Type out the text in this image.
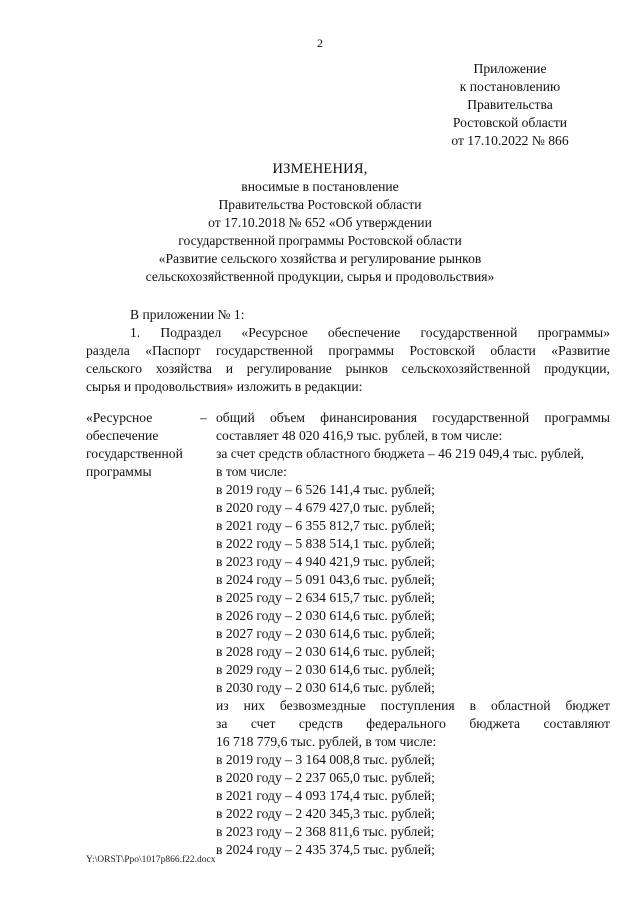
2
Приложение
к постановлению
Правительства
Ростовской области
от 17.10.2022 № 866
ИЗМЕНЕНИЯ,
вносимые в постановление
Правительства Ростовской области
от 17.10.2018 № 652 «Об утверждении
государственной программы Ростовской области
«Развитие сельского хозяйства и регулирование рынков
сельскохозяйственной продукции, сырья и продовольствия»
В приложении № 1:
1. Подраздел «Ресурсное обеспечение государственной программы»
раздела «Паспорт государственной программы Ростовской области «Развитие
сельского хозяйства и регулирование рынков сельскохозяйственной продукции,
сырья и продовольствия» изложить в редакции:
«Ресурсное
обеспечение
государственной
программы
– общий объем финансирования государственной программы
составляет 48 020 416,9 тыс. рублей, в том числе:
за счет средств областного бюджета – 46 219 049,4 тыс. рублей,
в том числе:
в 2019 году – 6 526 141,4 тыс. рублей;
в 2020 году – 4 679 427,0 тыс. рублей;
в 2021 году – 6 355 812,7 тыс. рублей;
в 2022 году – 5 838 514,1 тыс. рублей;
в 2023 году – 4 940 421,9 тыс. рублей;
в 2024 году – 5 091 043,6 тыс. рублей;
в 2025 году – 2 634 615,7 тыс. рублей;
в 2026 году – 2 030 614,6 тыс. рублей;
в 2027 году – 2 030 614,6 тыс. рублей;
в 2028 году – 2 030 614,6 тыс. рублей;
в 2029 году – 2 030 614,6 тыс. рублей;
в 2030 году – 2 030 614,6 тыс. рублей;
из них безвозмездные поступления в областной бюджет
за счет средств федерального бюджета составляют
16 718 779,6 тыс. рублей, в том числе:
в 2019 году – 3 164 008,8 тыс. рублей;
в 2020 году – 2 237 065,0 тыс. рублей;
в 2021 году – 4 093 174,4 тыс. рублей;
в 2022 году – 2 420 345,3 тыс. рублей;
в 2023 году – 2 368 811,6 тыс. рублей;
в 2024 году – 2 435 374,5 тыс. рублей;
Y:\ORST\Ppo\1017p866.f22.docx
